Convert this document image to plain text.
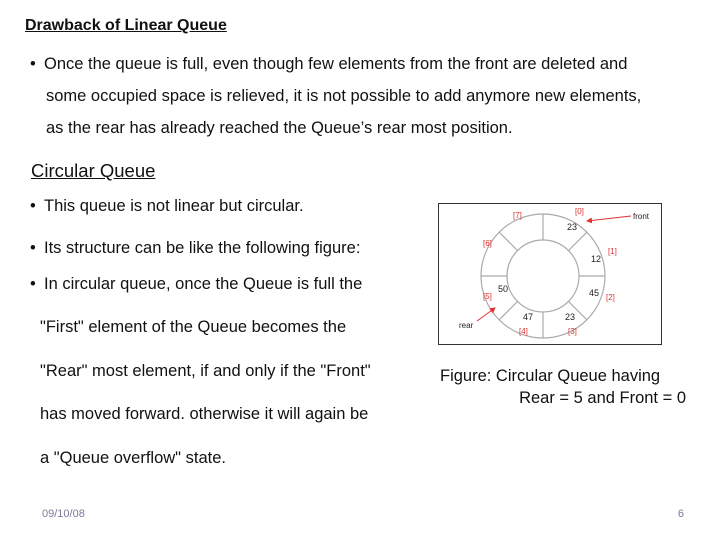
Drawback of Linear Queue
• Once the queue is full, even though few elements from the front are deleted and
some occupied space is relieved, it is not possible to add anymore new elements,
as the rear has already reached the Queue’s rear most position.
Circular Queue
• This queue is not linear but circular.
• Its structure can be like the following figure:
• In circular queue, once the Queue is full the
"First" element of the Queue becomes the
"Rear" most element, if and only if the "Front"
has moved forward. otherwise it will again be
a "Queue overflow" state.
[7]	[0]
[6]
[1]
[5]	[2]
[4]	[3]
23
12
45
23
47
50
front
rear
Figure: Circular Queue having
Rear = 5 and Front = 0
09/10/08	6
